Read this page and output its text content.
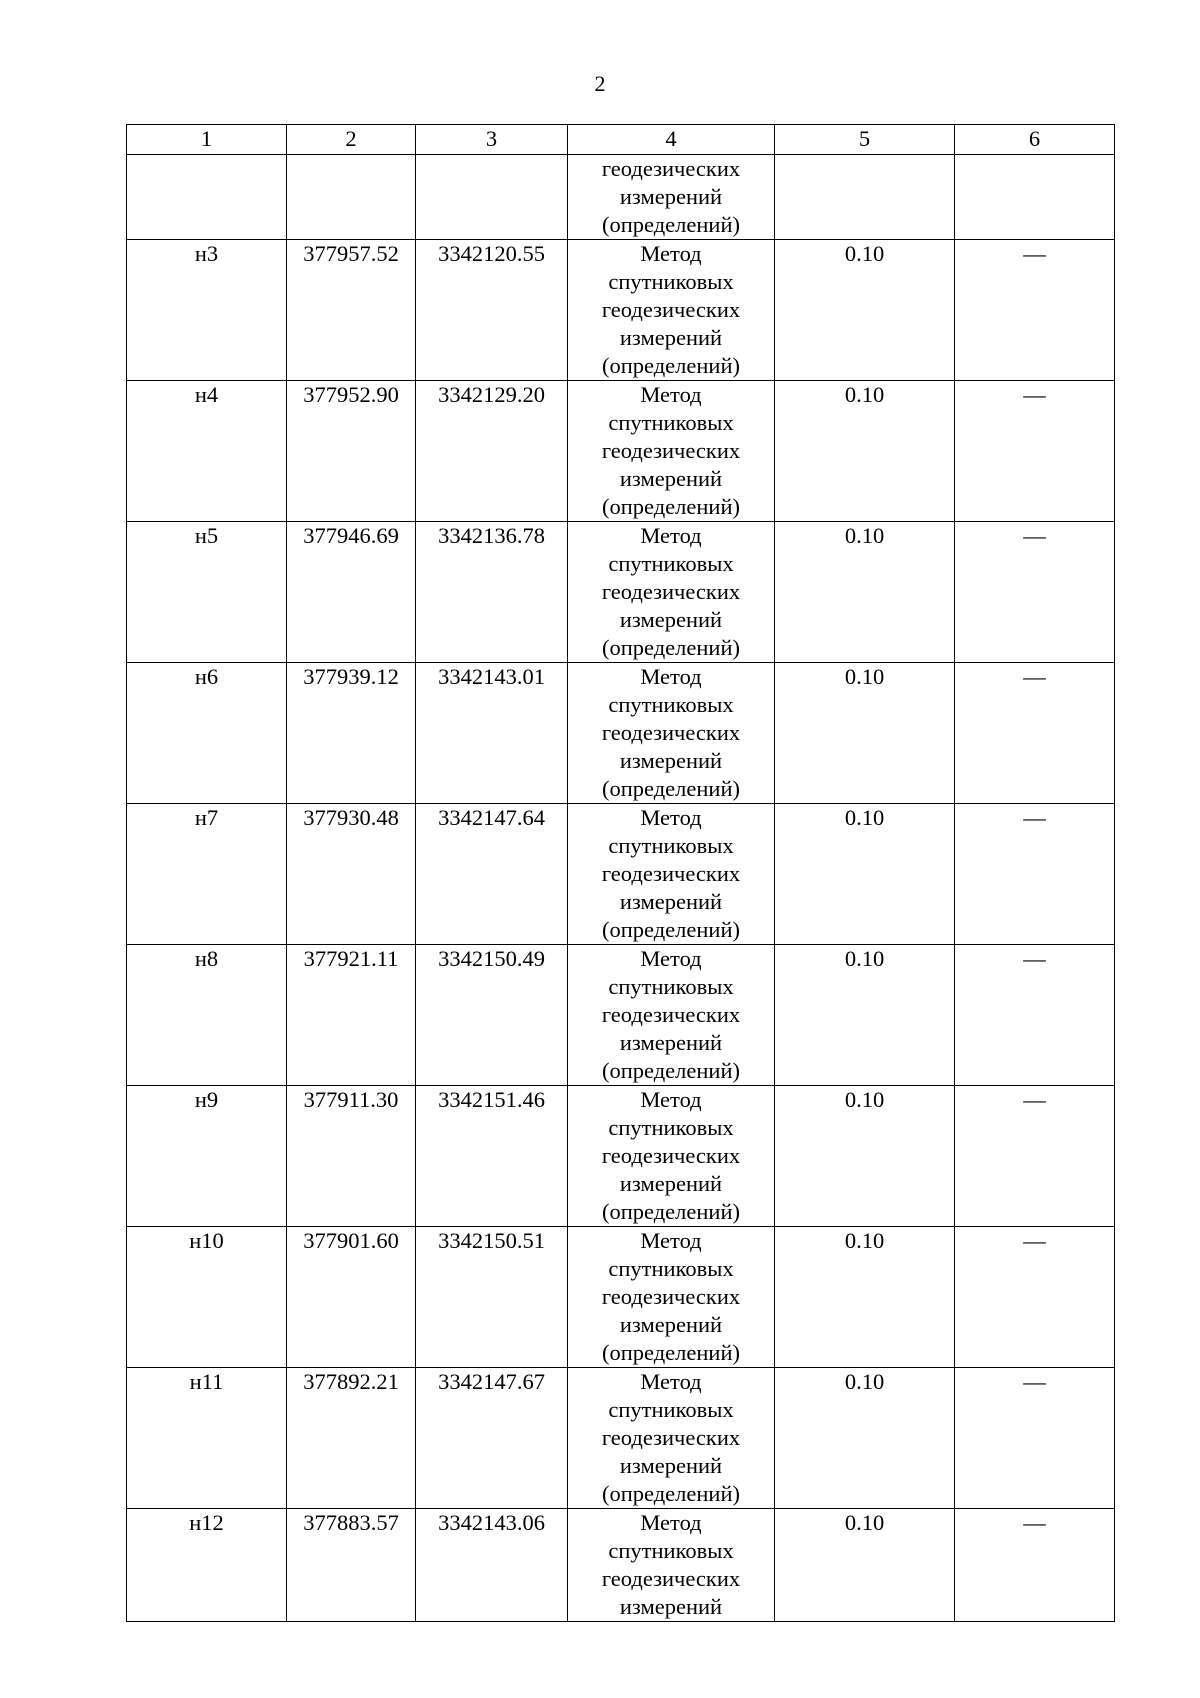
2
1	2	3	4	5	6

			геодезических
измерений
(определений)		

н3	377957.52	3342120.55	Метод
спутниковых
геодезических
измерений
(определений)	0.10	—
н4	377952.90	3342129.20	Метод
спутниковых
геодезических
измерений
(определений)	0.10	—
н5	377946.69	3342136.78	Метод
спутниковых
геодезических
измерений
(определений)	0.10	—
н6	377939.12	3342143.01	Метод
спутниковых
геодезических
измерений
(определений)	0.10	—
н7	377930.48	3342147.64	Метод
спутниковых
геодезических
измерений
(определений)	0.10	—
н8	377921.11	3342150.49	Метод
спутниковых
геодезических
измерений
(определений)	0.10	—
н9	377911.30	3342151.46	Метод
спутниковых
геодезических
измерений
(определений)	0.10	—
н10	377901.60	3342150.51	Метод
спутниковых
геодезических
измерений
(определений)	0.10	—
н11	377892.21	3342147.67	Метод
спутниковых
геодезических
измерений
(определений)	0.10	—
н12	377883.57	3342143.06	Метод
спутниковых
геодезических
измерений	0.10	—
